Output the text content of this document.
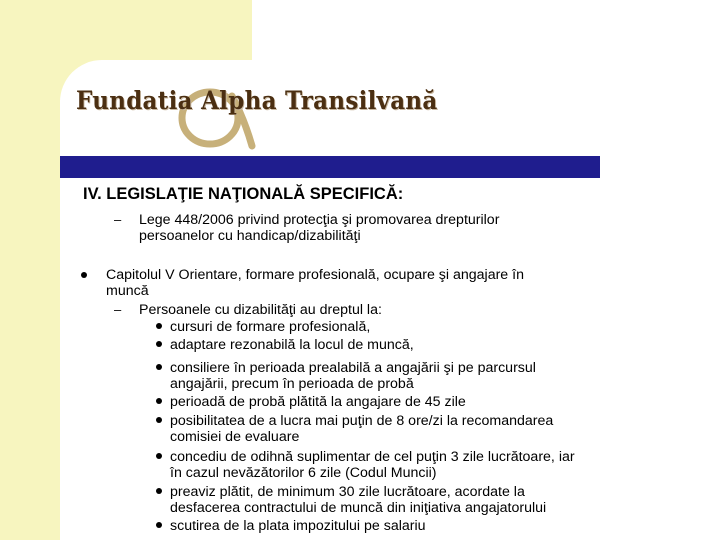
Fundatia Alpha Transilvană
IV. LEGISLAŢIE NAŢIONALĂ SPECIFICĂ:
– Lege 448/2006 privind protecţia şi promovarea drepturilor

persoanelor cu handicap/dizabilităţi

Capitolul V Orientare, formare profesională, ocupare şi angajare în

muncă

– Persoanele cu dizabilităţi au dreptul la:

cursuri de formare profesională,

adaptare rezonabilă la locul de muncă,

consiliere în perioada prealabilă a angajării şi pe parcursul

angajării, precum în perioada de probă

perioadă de probă plătită la angajare de 45 zile

posibilitatea de a lucra mai puţin de 8 ore/zi la recomandarea

comisiei de evaluare

concediu de odihnă suplimentar de cel puţin 3 zile lucrătoare, iar

în cazul nevăzătorilor 6 zile (Codul Muncii)

preaviz plătit, de minimum 30 zile lucrătoare, acordate la

desfacerea contractului de muncă din iniţiativa angajatorului

scutirea de la plata impozitului pe salariu
